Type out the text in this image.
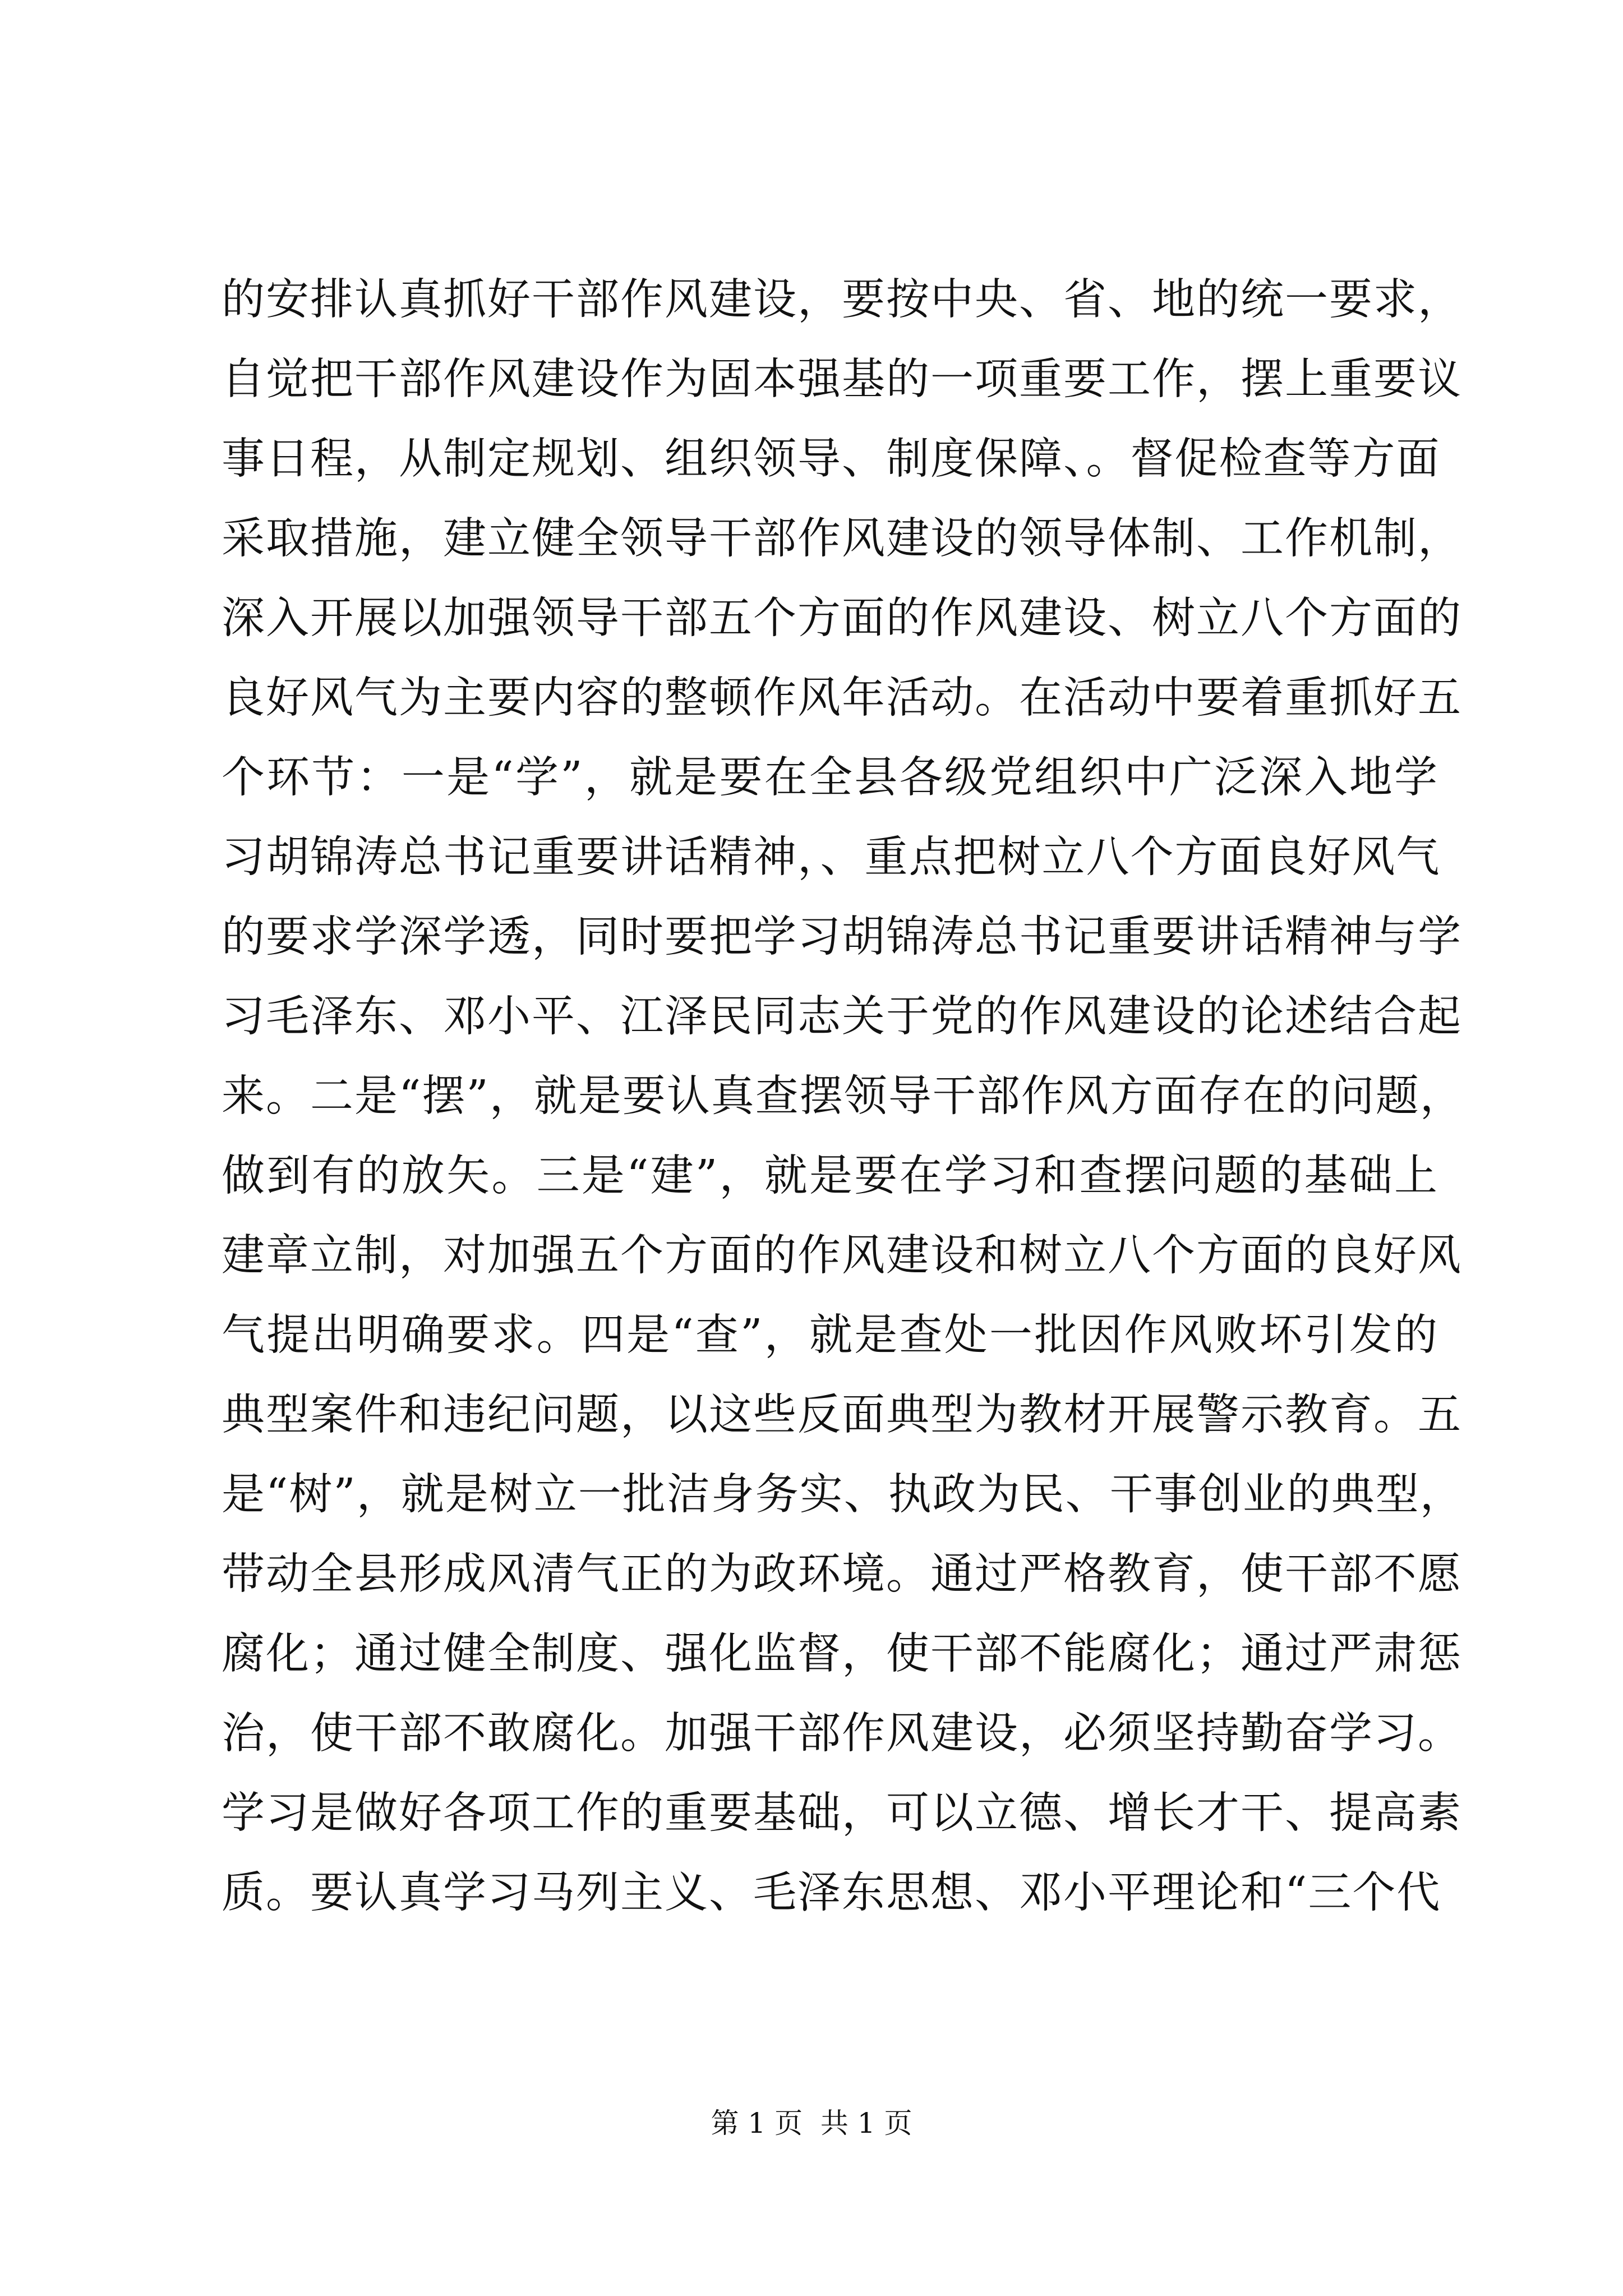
的安排认真抓好干部作风建设，要按中央、省、地的统一要求，
自觉把干部作风建设作为固本强基的一项重要工作，摆上重要议
事日程，从制定规划、组织领导、制度保障、。督促检查等方面
采取措施，建立健全领导干部作风建设的领导体制、工作机制，
深入开展以加强领导干部五个方面的作风建设、树立八个方面的
良好风气为主要内容的整顿作风年活动。在活动中要着重抓好五
个环节：一是“学”，就是要在全县各级党组织中广泛深入地学
习胡锦涛总书记重要讲话精神，、重点把树立八个方面良好风气
的要求学深学透，同时要把学习胡锦涛总书记重要讲话精神与学
习毛泽东、邓小平、江泽民同志关于党的作风建设的论述结合起
来。二是“摆”，就是要认真查摆领导干部作风方面存在的问题，
做到有的放矢。三是“建”，就是要在学习和查摆问题的基础上
建章立制，对加强五个方面的作风建设和树立八个方面的良好风
气提出明确要求。四是“查”，就是查处一批因作风败坏引发的
典型案件和违纪问题，以这些反面典型为教材开展警示教育。五
是“树”，就是树立一批洁身务实、执政为民、干事创业的典型，
带动全县形成风清气正的为政环境。通过严格教育，使干部不愿
腐化；通过健全制度、强化监督，使干部不能腐化；通过严肃惩
治，使干部不敢腐化。加强干部作风建设，必须坚持勤奋学习。
学习是做好各项工作的重要基础，可以立德、增长才干、提高素
质。要认真学习马列主义、毛泽东思想、邓小平理论和“三个代
第 1 页  共 1 页
